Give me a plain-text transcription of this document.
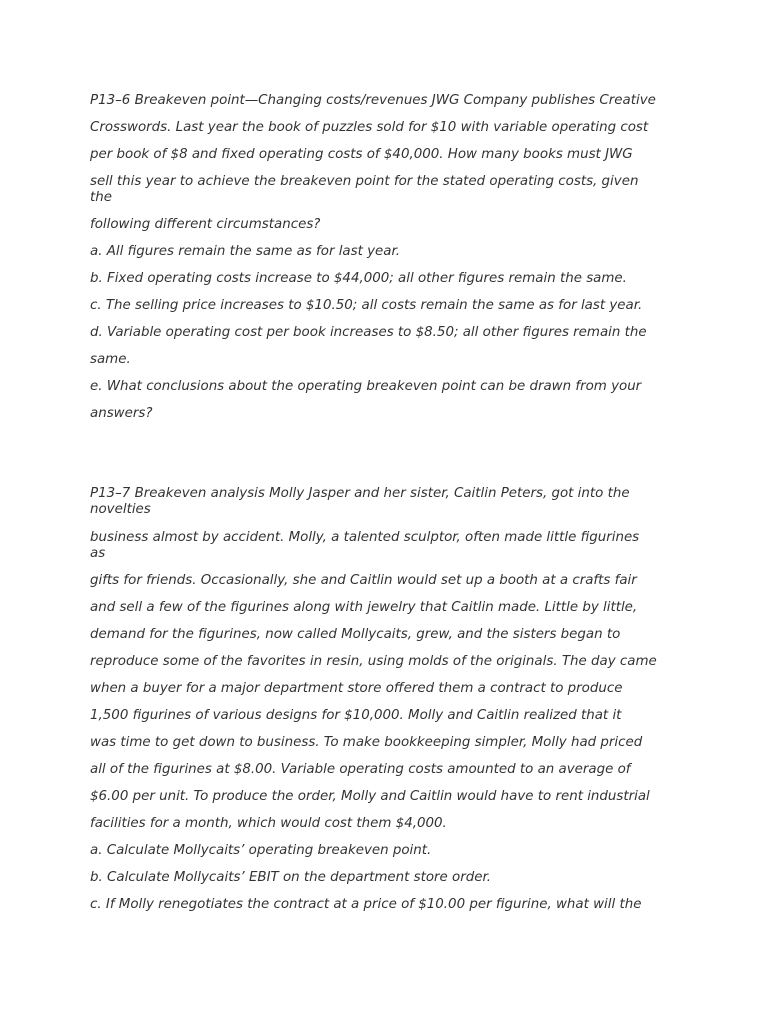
P13–6 Breakeven point—Changing costs/revenues JWG Company publishes Creative

Crosswords. Last year the book of puzzles sold for $10 with variable operating cost

per book of $8 and fixed operating costs of $40,000. How many books must JWG

sell this year to achieve the breakeven point for the stated operating costs, given

the

following different circumstances?

a. All figures remain the same as for last year.

b. Fixed operating costs increase to $44,000; all other figures remain the same.

c. The selling price increases to $10.50; all costs remain the same as for last year.

d. Variable operating cost per book increases to $8.50; all other figures remain the

same.

e. What conclusions about the operating breakeven point can be drawn from your

answers?

P13–7 Breakeven analysis Molly Jasper and her sister, Caitlin Peters, got into the

novelties

business almost by accident. Molly, a talented sculptor, often made little figurines

as

gifts for friends. Occasionally, she and Caitlin would set up a booth at a crafts fair

and sell a few of the figurines along with jewelry that Caitlin made. Little by little,

demand for the figurines, now called Mollycaits, grew, and the sisters began to

reproduce some of the favorites in resin, using molds of the originals. The day came

when a buyer for a major department store offered them a contract to produce

1,500 figurines of various designs for $10,000. Molly and Caitlin realized that it

was time to get down to business. To make bookkeeping simpler, Molly had priced

all of the figurines at $8.00. Variable operating costs amounted to an average of

$6.00 per unit. To produce the order, Molly and Caitlin would have to rent industrial

facilities for a month, which would cost them $4,000.

a. Calculate Mollycaits’ operating breakeven point.

b. Calculate Mollycaits’ EBIT on the department store order.

c. If Molly renegotiates the contract at a price of $10.00 per figurine, what will the
